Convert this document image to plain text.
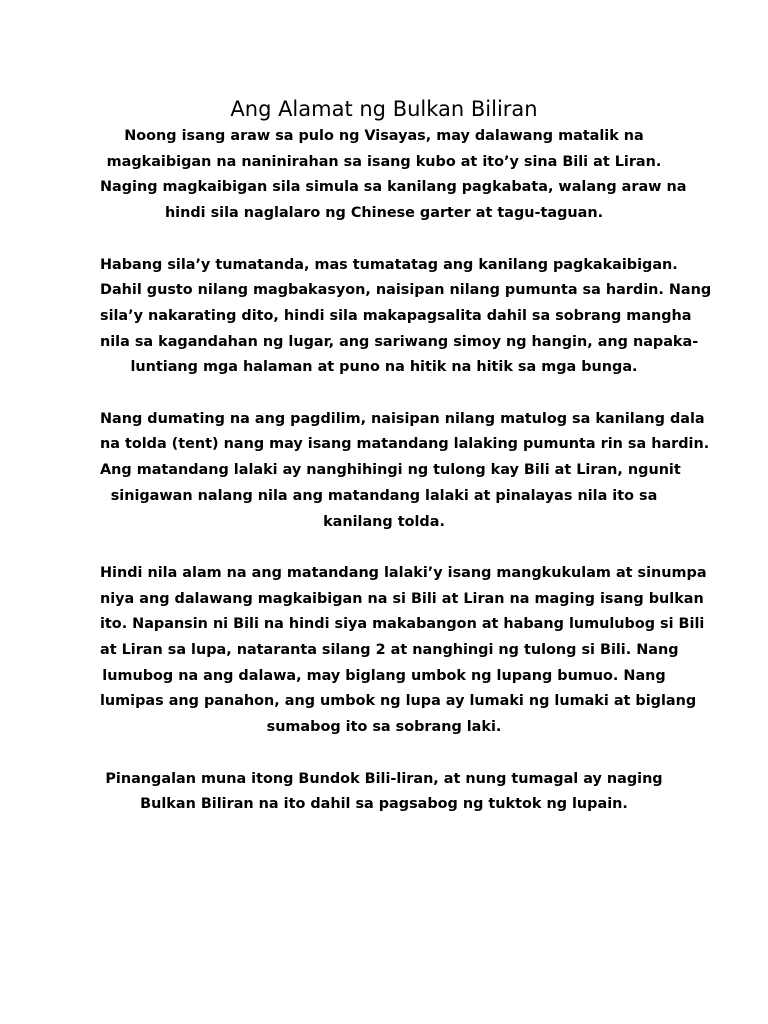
Ang Alamat ng Bulkan Biliran

Noong isang araw sa pulo ng Visayas, may dalawang matalik na
magkaibigan na naninirahan sa isang kubo at ito’y sina Bili at Liran.
Naging magkaibigan sila simula sa kanilang pagkabata, walang araw na
hindi sila naglalaro ng Chinese garter at tagu-taguan.

Habang sila’y tumatanda, mas tumatatag ang kanilang pagkakaibigan.
Dahil gusto nilang magbakasyon, naisipan nilang pumunta sa hardin. Nang
sila’y nakarating dito, hindi sila makapagsalita dahil sa sobrang mangha
nila sa kagandahan ng lugar, ang sariwang simoy ng hangin, ang napaka-
luntiang mga halaman at puno na hitik na hitik sa mga bunga.

Nang dumating na ang pagdilim, naisipan nilang matulog sa kanilang dala
na tolda (tent) nang may isang matandang lalaking pumunta rin sa hardin.
Ang matandang lalaki ay nanghihingi ng tulong kay Bili at Liran, ngunit
sinigawan nalang nila ang matandang lalaki at pinalayas nila ito sa
kanilang tolda.

Hindi nila alam na ang matandang lalaki’y isang mangkukulam at sinumpa
niya ang dalawang magkaibigan na si Bili at Liran na maging isang bulkan
ito. Napansin ni Bili na hindi siya makabangon at habang lumulubog si Bili
at Liran sa lupa, nataranta silang 2 at nanghingi ng tulong si Bili. Nang
lumubog na ang dalawa, may biglang umbok ng lupang bumuo. Nang
lumipas ang panahon, ang umbok ng lupa ay lumaki ng lumaki at biglang
sumabog ito sa sobrang laki.

Pinangalan muna itong Bundok Bili-liran, at nung tumagal ay naging
Bulkan Biliran na ito dahil sa pagsabog ng tuktok ng lupain.
